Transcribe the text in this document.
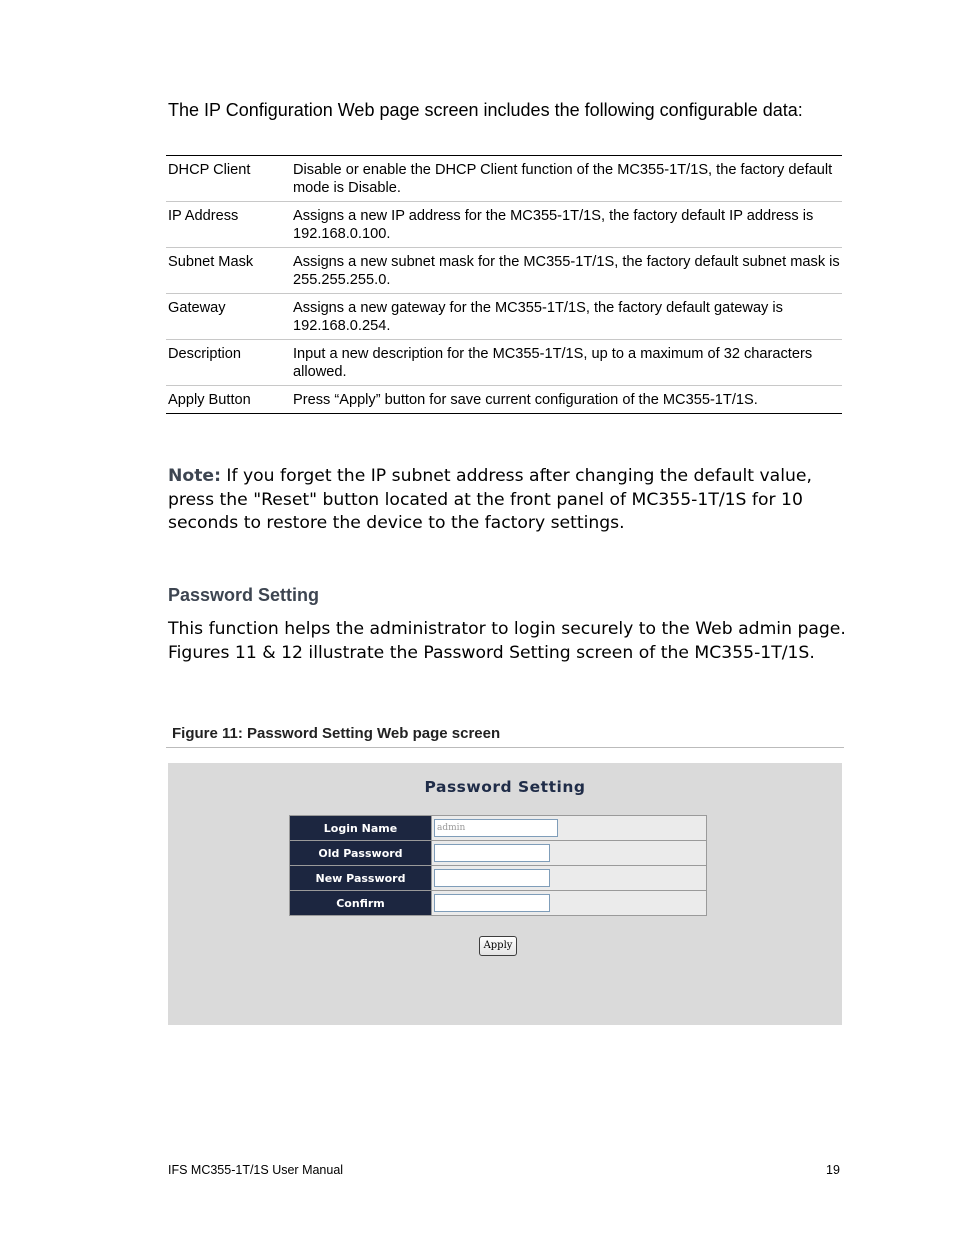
The IP Configuration Web page screen includes the following configurable data:
DHCP Client	Disable or enable the DHCP Client function of the MC355-1T/1S, the factory default mode is Disable.
IP Address	Assigns a new IP address for the MC355-1T/1S, the factory default IP address is 192.168.0.100.
Subnet Mask	Assigns a new subnet mask for the MC355-1T/1S, the factory default subnet mask is 255.255.255.0.
Gateway	Assigns a new gateway for the MC355-1T/1S, the factory default gateway is 192.168.0.254.
Description	Input a new description for the MC355-1T/1S, up to a maximum of 32 characters allowed.
Apply Button	Press “Apply” button for save current configuration of the MC355-1T/1S.
Note: If you forget the IP subnet address after changing the default value, press the "Reset" button located at the front panel of MC355-1T/1S for 10 seconds to restore the device to the factory settings.
Password Setting
This function helps the administrator to login securely to the Web admin page. Figures 11 & 12 illustrate the Password Setting screen of the MC355-1T/1S.
Figure 11: Password Setting Web page screen
Password Setting
Login Name	admin

Old Password	

New Password	

Confirm	
Apply
IFS MC355-1T/1S User Manual	19
